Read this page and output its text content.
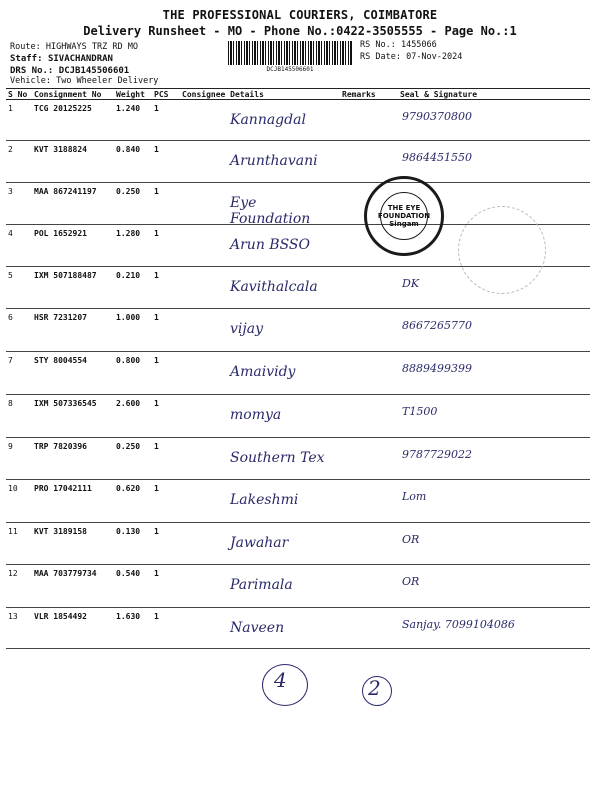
THE PROFESSIONAL COURIERS, COIMBATORE
Delivery Runsheet - MO - Phone No.:0422-3505555 - Page No.:1
Route: HIGHWAYS TRZ RD MO
Staff: SIVACHANDRAN
DRS No.: DCJB145506601
Vehicle: Two Wheeler Delivery
DCJB145506601
RS No.: 1455066
RS Date: 07-Nov-2024
S No	Consignment No	Weight	PCS	Consignee Details	Remarks	Seal & Signature
1	TCG 20125225	1.240	1	Kannagdal		9790370800

2	KVT 3188824	0.840	1	Arunthavani		9864451550

3	MAA 867241197	0.250	1	Eye Foundation		

4	POL 1652921	1.280	1	Arun BSSO		

5	IXM 507188487	0.210	1	Kavithalcala		DK

6	HSR 7231207	1.000	1	vijay		8667265770

7	STY 8004554	0.800	1	Amaividy		8889499399

8	IXM 507336545	2.600	1	momya		T1500

9	TRP 7820396	0.250	1	Southern Tex		9787729022

10	PRO 17042111	0.620	1	Lakeshmi		Lom

11	KVT 3189158	0.130	1	Jawahar		OR

12	MAA 703779734	0.540	1	Parimala		OR

13	VLR 1854492	1.630	1	Naveen		Sanjay. 7099104086
THE EYE FOUNDATION Singam
4	2
